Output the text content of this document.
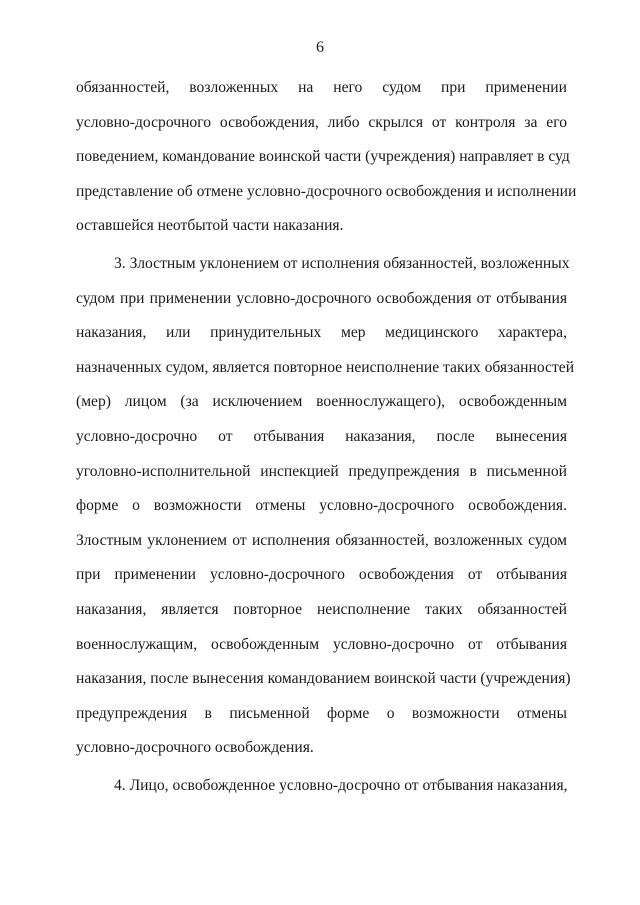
6
обязанностей, возложенных на него судом при применении
условно-досрочного освобождения, либо скрылся от контроля за его
поведением, командование воинской части (учреждения) направляет в суд
представление об отмене условно-досрочного освобождения и исполнении
оставшейся неотбытой части наказания.
3. Злостным уклонением от исполнения обязанностей, возложенных
судом при применении условно-досрочного освобождения от отбывания
наказания, или принудительных мер медицинского характера,
назначенных судом, является повторное неисполнение таких обязанностей
(мер) лицом (за исключением военнослужащего), освобожденным
условно-досрочно от отбывания наказания, после вынесения
уголовно-исполнительной инспекцией предупреждения в письменной
форме о возможности отмены условно-досрочного освобождения.
Злостным уклонением от исполнения обязанностей, возложенных судом
при применении условно-досрочного освобождения от отбывания
наказания, является повторное неисполнение таких обязанностей
военнослужащим, освобожденным условно-досрочно от отбывания
наказания, после вынесения командованием воинской части (учреждения)
предупреждения в письменной форме о возможности отмены
условно-досрочного освобождения.
4. Лицо, освобожденное условно-досрочно от отбывания наказания,
